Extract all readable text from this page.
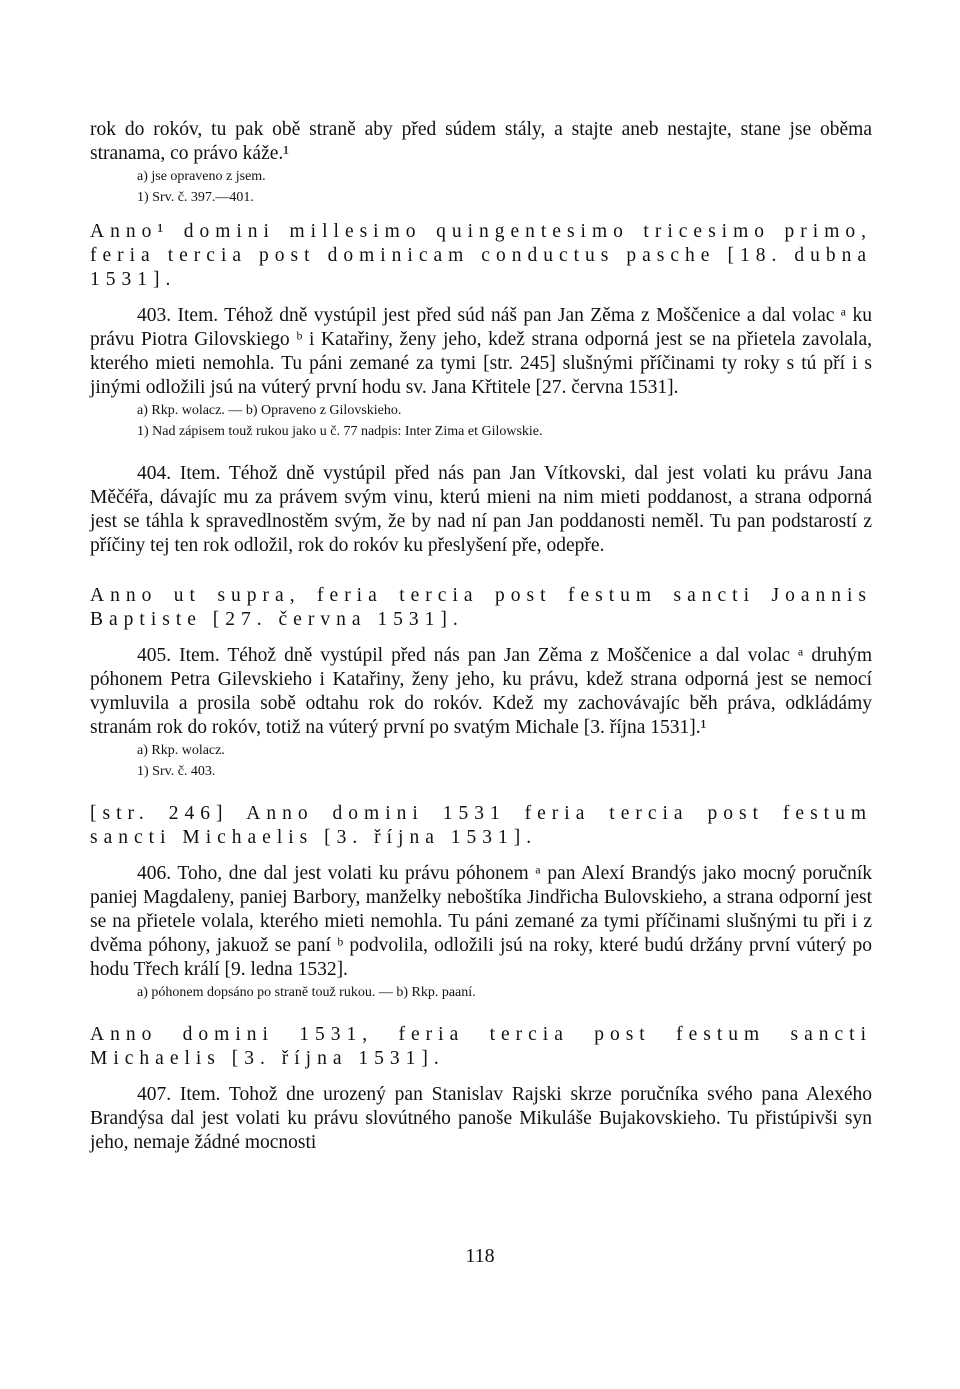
rok do rokóv, tu pak obě straně aby před súdem stály, a stajte aneb nestajte, stane jse oběma stranama, co právo káže.¹

a) jse opraveno z jsem.

1) Srv. č. 397.—401.

Anno¹ domini millesimo quingentesimo tricesimo primo, feria tercia post dominicam conductus pasche [18. dubna 1531].

403. Item. Téhož dně vystúpil jest před súd náš pan Jan Zěma z Moščenice a dal volac ᵃ ku právu Piotra Gilovskiego ᵇ i Katařiny, ženy jeho, kdež strana odporná jest se na přietela zavolala, kterého mieti nemohla. Tu páni zemané za tymi [str. 245] slušnými příčinami ty roky s tú pří i s jinými odložili jsú na vúterý první hodu sv. Jana Křtitele [27. června 1531].

a) Rkp. wolacz. — b) Opraveno z Gilovskieho.

1) Nad zápisem touž rukou jako u č. 77 nadpis: Inter Zima et Gilowskie.

404. Item. Téhož dně vystúpil před nás pan Jan Vítkovski, dal jest volati ku právu Jana Měčéřa, dávajíc mu za právem svým vinu, kterú mieni na nim mieti poddanost, a strana odporná jest se táhla k spravedlnostěm svým, že by nad ní pan Jan poddanosti neměl. Tu pan podstarostí z příčiny tej ten rok odložil, rok do rokóv ku přeslyšení pře, odepře.

Anno ut supra, feria tercia post festum sancti Joannis Baptiste [27. června 1531].

405. Item. Téhož dně vystúpil před nás pan Jan Zěma z Moščenice a dal volac ᵃ druhým póhonem Petra Gilevskieho i Katařiny, ženy jeho, ku právu, kdež strana odporná jest se nemocí vymluvila a prosila sobě odtahu rok do rokóv. Kdež my zachovávajíc běh práva, odkládámy stranám rok do rokóv, totiž na vúterý první po svatým Michale [3. října 1531].¹

a) Rkp. wolacz.

1) Srv. č. 403.

[str. 246] Anno domini 1531 feria tercia post festum sancti Michaelis [3. října 1531].

406. Toho, dne dal jest volati ku právu póhonem ᵃ pan Alexí Brandýs jako mocný poručník paniej Magdaleny, paniej Barbory, manželky neboštíka Jindřicha Bulovskieho, a strana odporní jest se na přietele volala, kterého mieti nemohla. Tu páni zemané za tymi příčinami slušnými tu při i z dvěma póhony, jakuož se paní ᵇ podvolila, odložili jsú na roky, které budú držány první vúterý po hodu Třech králí [9. ledna 1532].

a) póhonem dopsáno po straně touž rukou. — b) Rkp. paaní.

Anno domini 1531, feria tercia post festum sancti Michaelis [3. října 1531].

407. Item. Tohož dne urozený pan Stanislav Rajski skrze poručníka svého pana Alexého Brandýsa dal jest volati ku právu slovútného panoše Mikuláše Bujakovskieho. Tu přistúpivši syn jeho, nemaje žádné mocnosti

118
